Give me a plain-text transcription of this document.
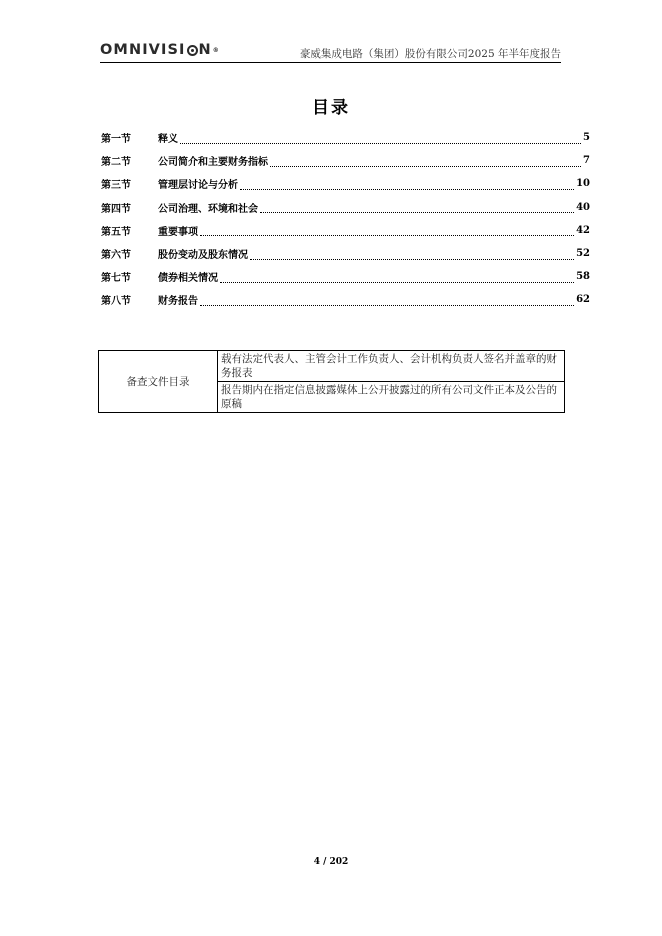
OMNIVISI N ®	豪威集成电路（集团）股份有限公司2025 年半年度报告
目录
第一节	释义	5
第二节	公司简介和主要财务指标	7
第三节	管理层讨论与分析	10
第四节	公司治理、环境和社会	40
第五节	重要事项	42
第六节	股份变动及股东情况	52
第七节	债券相关情况	58
第八节	财务报告	62
备查文件目录	载有法定代表人、主管会计工作负责人、会计机构负责人签名并盖章的财务报表
报告期内在指定信息披露媒体上公开披露过的所有公司文件正本及公告的原稿
4 / 202
